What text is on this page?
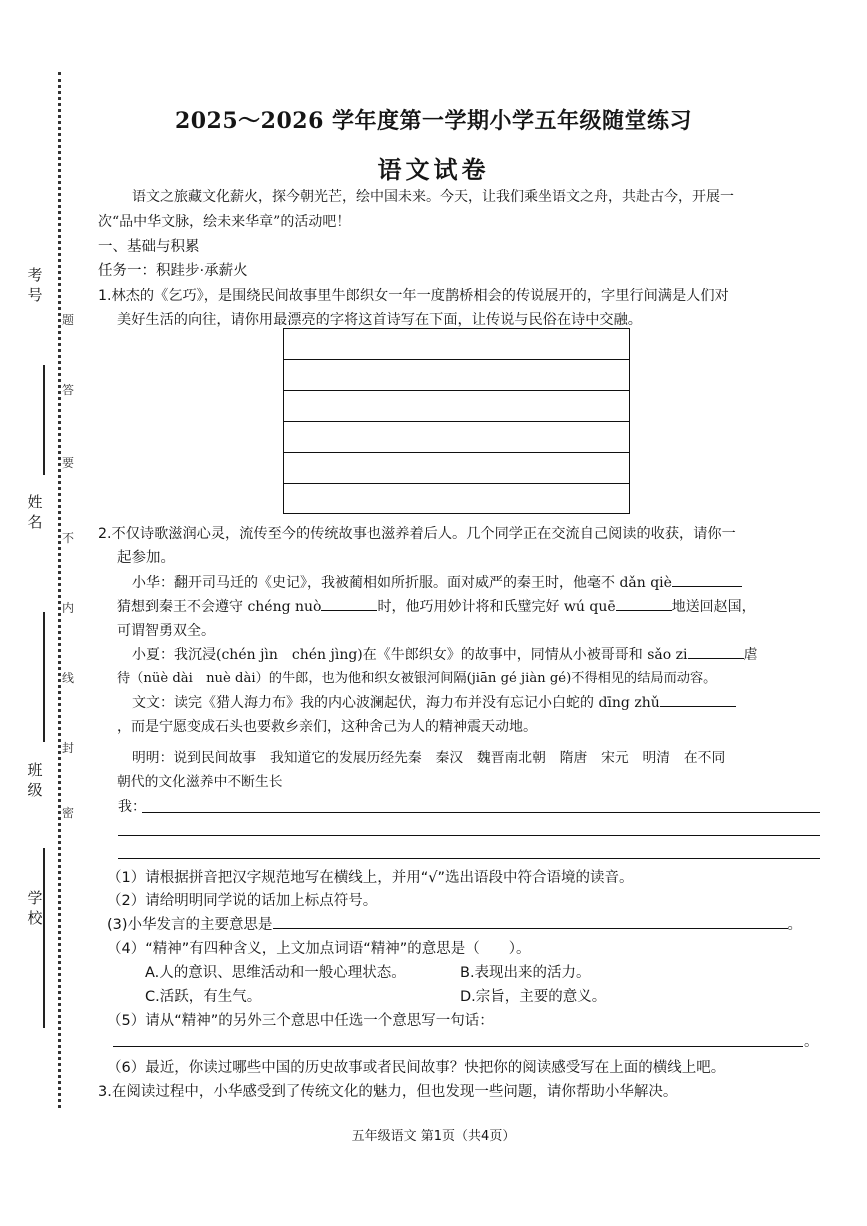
考号
姓名
班级
学校
题
答
要
不
内
线
封
密
2025～2026 学年度第一学期小学五年级随堂练习
语文试卷
语文之旅藏文化薪火，探今朝光芒，绘中国未来。今天，让我们乘坐语文之舟，共赴古今，开展一
次“品中华文脉，绘未来华章”的活动吧！
一、基础与积累
任务一：积跬步·承薪火
1.林杰的《乞巧》，是围绕民间故事里牛郎织女一年一度鹊桥相会的传说展开的，字里行间满是人们对
美好生活的向往，请你用最漂亮的字将这首诗写在下面，让传说与民俗在诗中交融。
2.不仅诗歌滋润心灵，流传至今的传统故事也滋养着后人。几个同学正在交流自己阅读的收获，请你一
起参加。
小华：翻开司马迁的《史记》，我被蔺相如所折服。面对威严的秦王时，他毫不 dǎn qiè
猜想到秦王不会遵守 chéng nuò	时，他巧用妙计将和氏璧完好 wú quē	地送回赵国，
可谓智勇双全。
小夏：我沉浸(chén jìn　chén jìng)在《牛郎织女》的故事中，同情从小被哥哥和 sǎo zi	虐
待（nüè dài　nuè dài）的牛郎，也为他和织女被银河间隔(jiān gé jiàn gé)不得相见的结局而动容。
文文：读完《猎人海力布》我的内心波澜起伏，海力布并没有忘记小白蛇的 dīng zhǔ
，而是宁愿变成石头也要救乡亲们，这种舍己为人的精神震天动地。
明明：说到民间故事　我知道它的发展历经先秦　秦汉　魏晋南北朝　隋唐　宋元　明清　在不同
朝代的文化滋养中不断生长
我：
（1）请根据拼音把汉字规范地写在横线上，并用“√”选出语段中符合语境的读音。
（2）请给明明同学说的话加上标点符号。
(3)小华发言的主要意思是	。
（4）“精神”有四种含义，上文加点词语“精神”的意思是（　　）。
A.人的意识、思维活动和一般心理状态。	B.表现出来的活力。
C.活跃，有生气。	D.宗旨，主要的意义。
（5）请从“精神”的另外三个意思中任选一个意思写一句话：
。
（6）最近，你读过哪些中国的历史故事或者民间故事？快把你的阅读感受写在上面的横线上吧。
3.在阅读过程中，小华感受到了传统文化的魅力，但也发现一些问题，请你帮助小华解决。
五年级语文 第1页（共4页）
